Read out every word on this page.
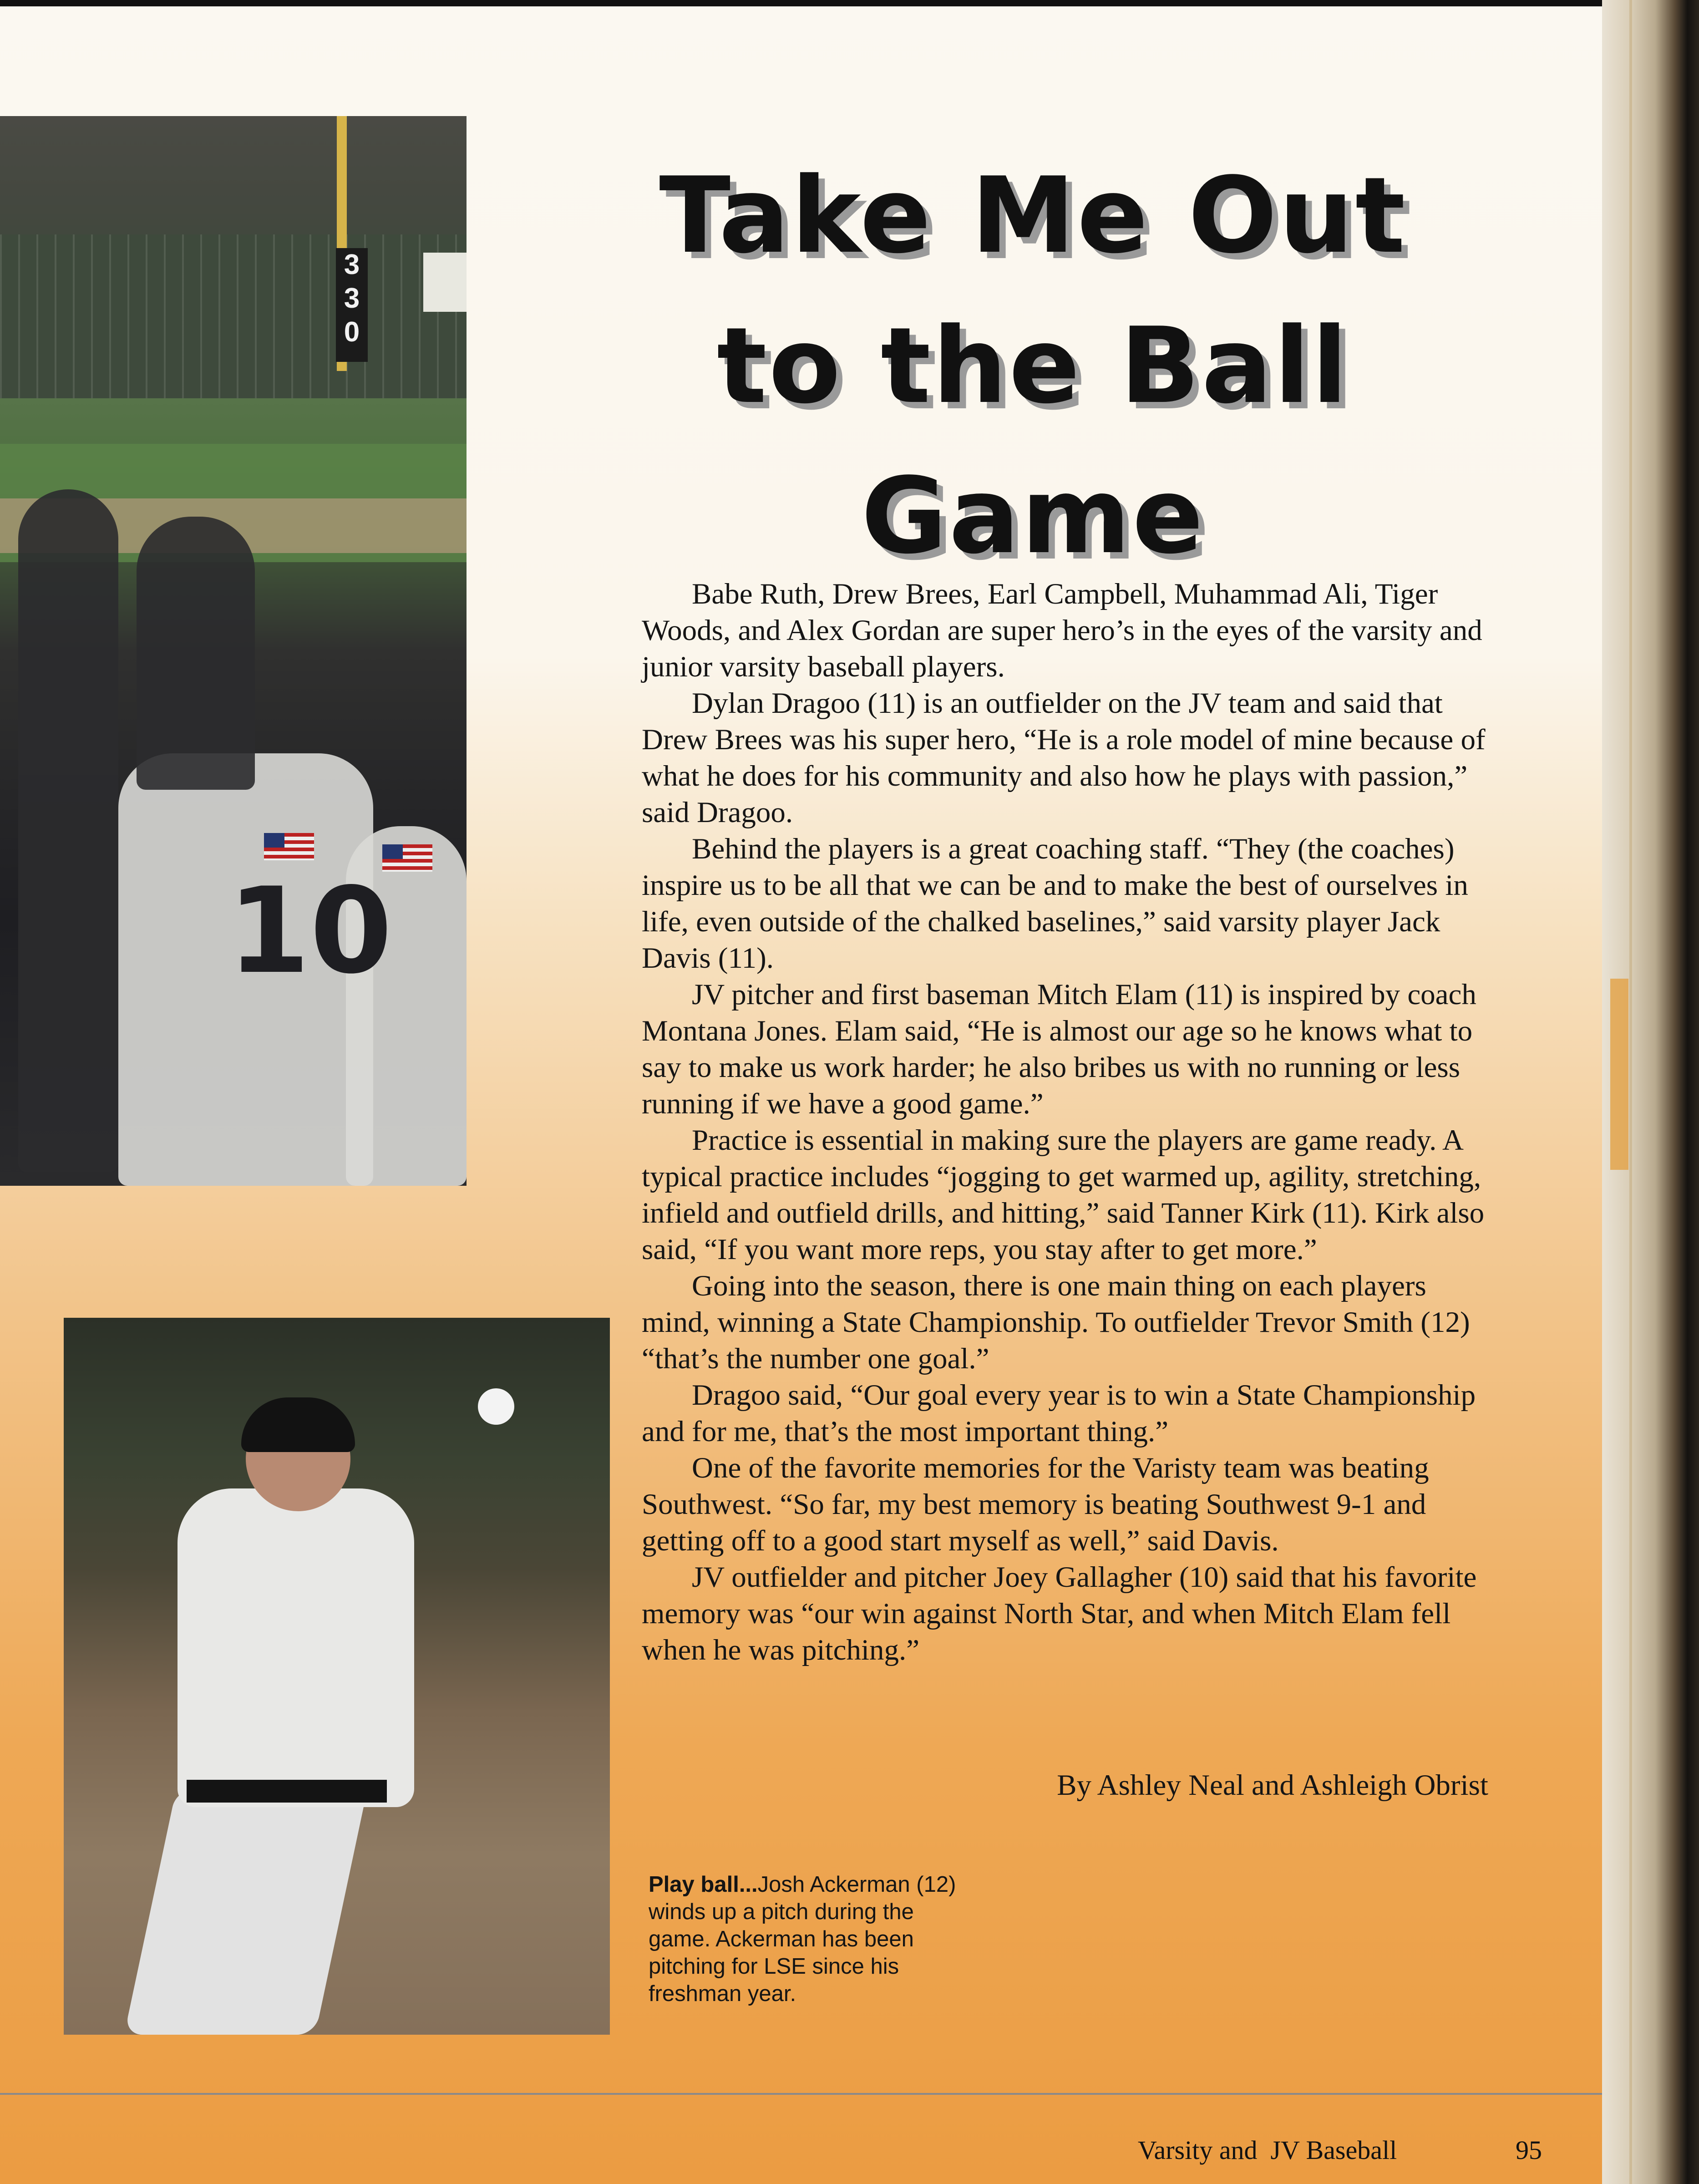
3
3
0
10
Take Me Out
to the Ball
Game

Babe Ruth, Drew Brees, Earl Campbell, Muhammad Ali, Tiger Woods, and Alex Gordan are super hero’s in the eyes of the varsity and junior varsity baseball players.

Dylan Dragoo (11) is an outfielder on the JV team and said that Drew Brees was his super hero, “He is a role model of mine because of what he does for his community and also how he plays with passion,” said Dragoo.

Behind the players is a great coaching staff. “They (the coaches) inspire us to be all that we can be and to make the best of ourselves in life, even outside of the chalked baselines,” said varsity player Jack Davis (11).

JV pitcher and first baseman Mitch Elam (11) is inspired by coach Montana Jones. Elam said, “He is almost our age so he knows what to say to make us work harder; he also bribes us with no running or less running if we have a good game.”

Practice is essential in making sure the players are game ready. A typical practice includes “jogging to get warmed up, agility, stretching, infield and outfield drills, and hitting,” said Tanner Kirk (11). Kirk also said, “If you want more reps, you stay after to get more.”

Going into the season, there is one main thing on each players mind, winning a State Championship. To outfielder Trevor Smith (12) “that’s the number one goal.”

Dragoo said, “Our goal every year is to win a State Championship and for me, that’s the most important thing.”

One of the favorite memories for the Varisty team was beating Southwest. “So far, my best memory is beating Southwest 9-1 and getting off to a good start myself as well,” said Davis.

JV outfielder and pitcher Joey Gallagher (10) said that his favorite memory was “our win against North Star, and when Mitch Elam fell when he was pitching.”

By Ashley Neal and Ashleigh Obrist
Play ball...Josh Ackerman (12) winds up a pitch during the game. Ackerman has been pitching for LSE since his freshman year.
Varsity and  JV Baseball	95
